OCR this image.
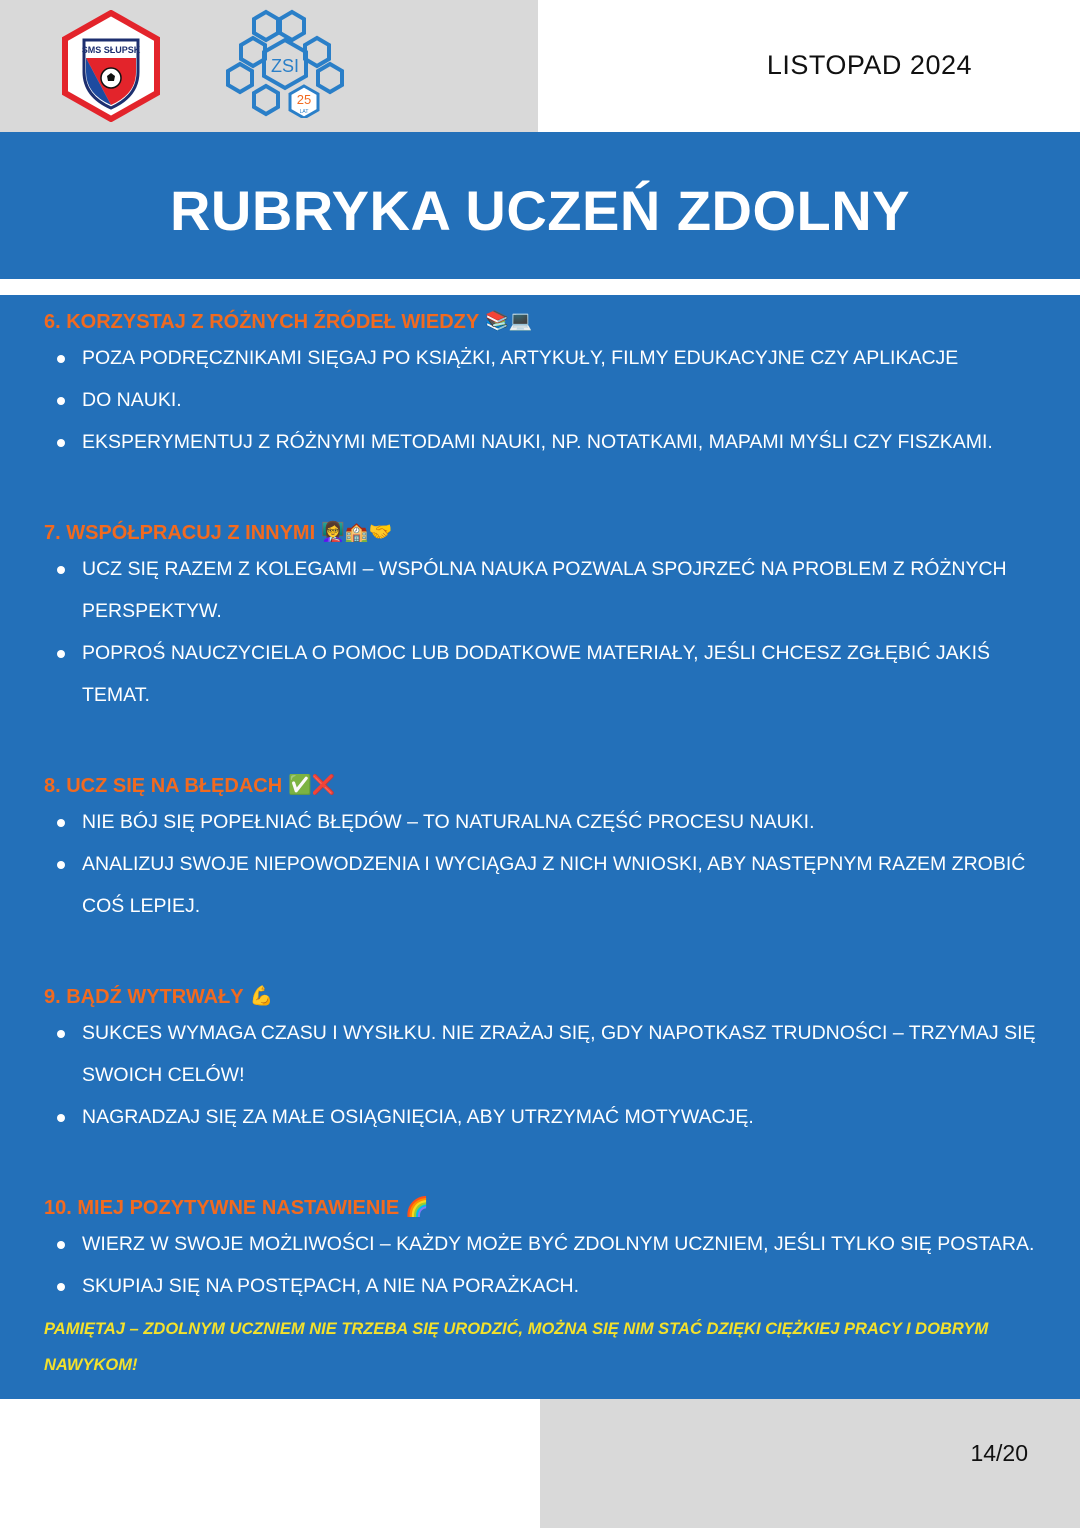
SMS SŁUPSK
ZSI
25
LAT
LISTOPAD 2024
RUBRYKA UCZEŃ ZDOLNY
6. KORZYSTAJ Z RÓŻNYCH ŹRÓDEŁ WIEDZY 📚💻
POZA PODRĘCZNIKAMI SIĘGAJ PO KSIĄŻKI, ARTYKUŁY, FILMY EDUKACYJNE CZY APLIKACJE
DO NAUKI.
EKSPERYMENTUJ Z RÓŻNYMI METODAMI NAUKI, NP. NOTATKAMI, MAPAMI MYŚLI CZY FISZKAMI.
7. WSPÓŁPRACUJ Z INNYMI 👩‍🏫🏫🤝
UCZ SIĘ RAZEM Z KOLEGAMI – WSPÓLNA NAUKA POZWALA SPOJRZEĆ NA PROBLEM Z RÓŻNYCH PERSPEKTYW.
POPROŚ NAUCZYCIELA O POMOC LUB DODATKOWE MATERIAŁY, JEŚLI CHCESZ ZGŁĘBIĆ JAKIŚ TEMAT.
8. UCZ SIĘ NA BŁĘDACH ✅❌
NIE BÓJ SIĘ POPEŁNIAĆ BŁĘDÓW – TO NATURALNA CZĘŚĆ PROCESU NAUKI.
ANALIZUJ SWOJE NIEPOWODZENIA I WYCIĄGAJ Z NICH WNIOSKI, ABY NASTĘPNYM RAZEM ZROBIĆ COŚ LEPIEJ.
9. BĄDŹ WYTRWAŁY 💪
SUKCES WYMAGA CZASU I WYSIŁKU. NIE ZRAŻAJ SIĘ, GDY NAPOTKASZ TRUDNOŚCI – TRZYMAJ SIĘ SWOICH CELÓW!
NAGRADZAJ SIĘ ZA MAŁE OSIĄGNIĘCIA, ABY UTRZYMAĆ MOTYWACJĘ.
10. MIEJ POZYTYWNE NASTAWIENIE 🌈
WIERZ W SWOJE MOŻLIWOŚCI – KAŻDY MOŻE BYĆ ZDOLNYM UCZNIEM, JEŚLI TYLKO SIĘ POSTARA.
SKUPIAJ SIĘ NA POSTĘPACH, A NIE NA PORAŻKACH.
PAMIĘTAJ – ZDOLNYM UCZNIEM NIE TRZEBA SIĘ URODZIĆ, MOŻNA SIĘ NIM STAĆ DZIĘKI CIĘŻKIEJ PRACY I DOBRYM NAWYKOM!
14/20
